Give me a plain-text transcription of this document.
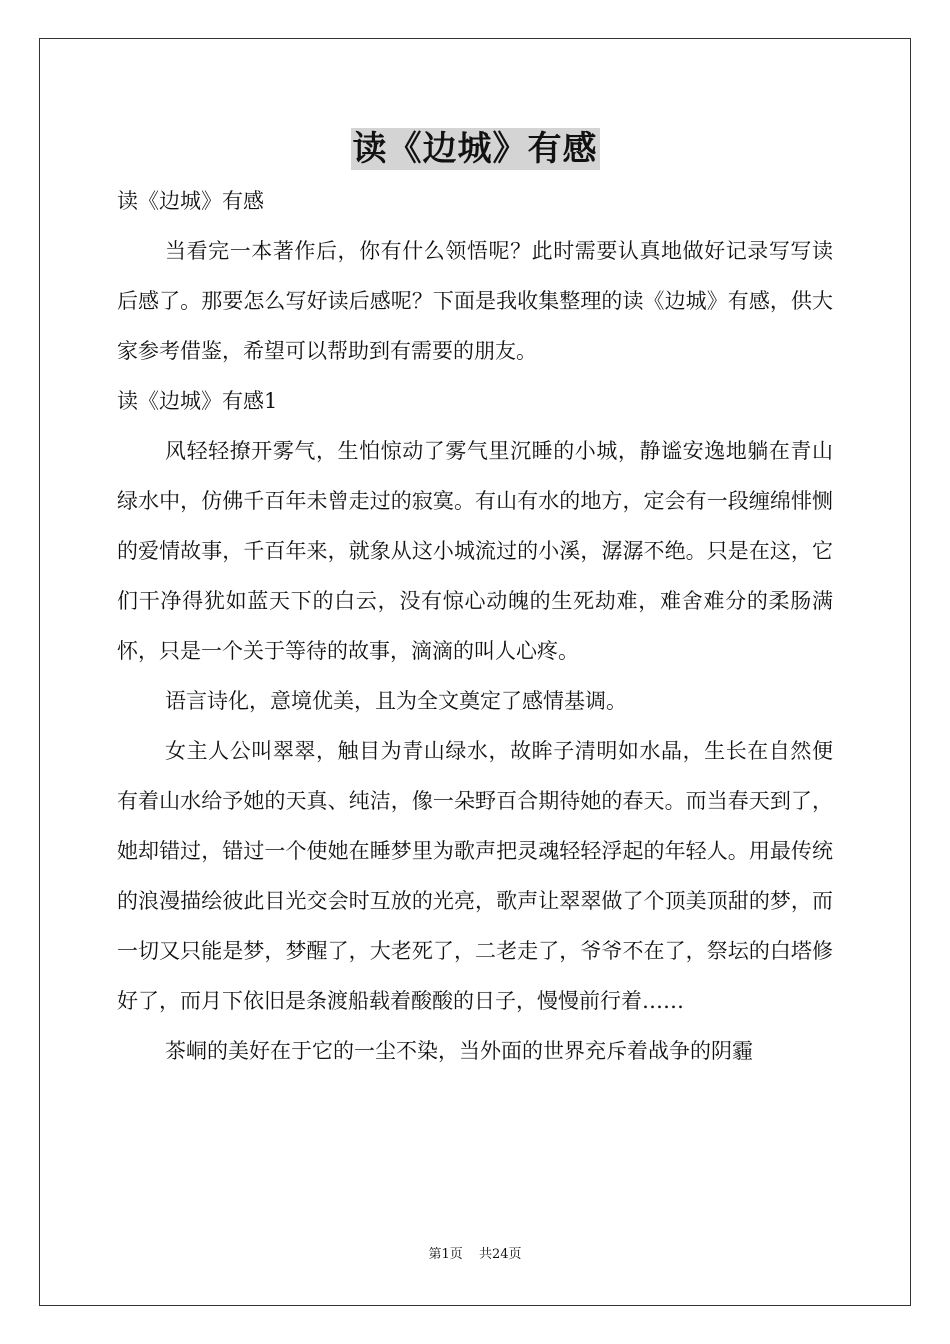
读《边城》有感

读《边城》有感

当看完一本著作后，你有什么领悟呢？此时需要认真地做好记录写写读后感了。那要怎么写好读后感呢？下面是我收集整理的读《边城》有感，供大家参考借鉴，希望可以帮助到有需要的朋友。

读《边城》有感1

风轻轻撩开雾气，生怕惊动了雾气里沉睡的小城，静谧安逸地躺在青山绿水中，仿佛千百年未曾走过的寂寞。有山有水的地方，定会有一段缠绵悱恻的爱情故事，千百年来，就象从这小城流过的小溪，潺潺不绝。只是在这，它们干净得犹如蓝天下的白云，没有惊心动魄的生死劫难，难舍难分的柔肠满怀，只是一个关于等待的故事，滴滴的叫人心疼。

语言诗化，意境优美，且为全文奠定了感情基调。

女主人公叫翠翠，触目为青山绿水，故眸子清明如水晶，生长在自然便有着山水给予她的天真、纯洁，像一朵野百合期待她的春天。而当春天到了，她却错过，错过一个使她在睡梦里为歌声把灵魂轻轻浮起的年轻人。用最传统的浪漫描绘彼此目光交会时互放的光亮，歌声让翠翠做了个顶美顶甜的梦，而一切又只能是梦，梦醒了，大老死了，二老走了，爷爷不在了，祭坛的白塔修好了，而月下依旧是条渡船载着酸酸的日子，慢慢前行着……

茶峒的美好在于它的一尘不染，当外面的世界充斥着战争的阴霾

第1页 共24页
